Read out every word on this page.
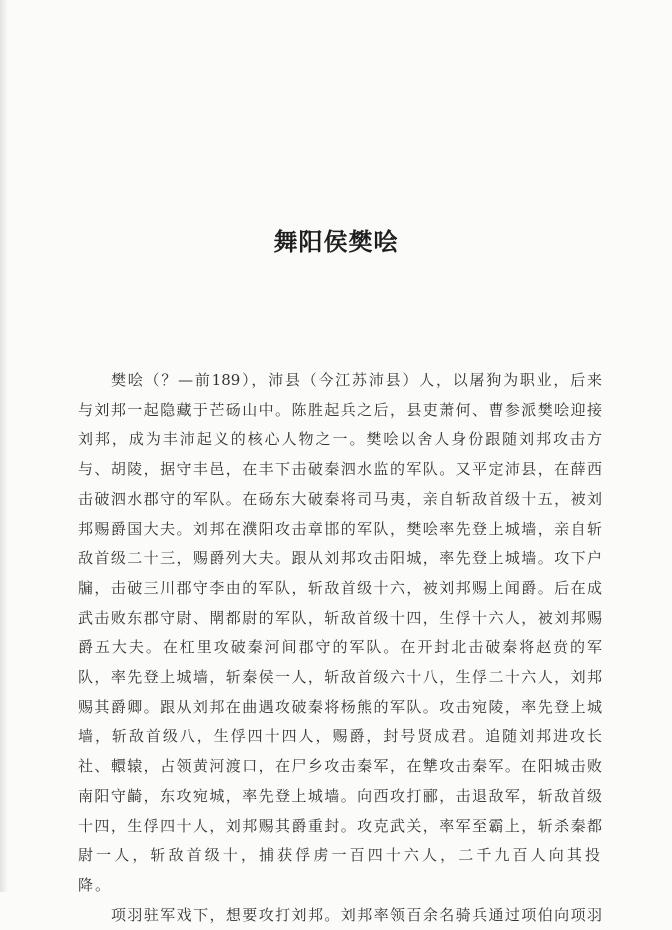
舞阳侯樊哙
樊哙（？—前189），沛县（今江苏沛县）人，以屠狗为职业，后来
与刘邦一起隐藏于芒砀山中。陈胜起兵之后，县吏萧何、曹参派樊哙迎接
刘邦，成为丰沛起义的核心人物之一。樊哙以舍人身份跟随刘邦攻击方
与、胡陵，据守丰邑，在丰下击破秦泗水监的军队。又平定沛县，在薛西
击破泗水郡守的军队。在砀东大破秦将司马夷，亲自斩敌首级十五，被刘
邦赐爵国大夫。刘邦在濮阳攻击章邯的军队，樊哙率先登上城墙，亲自斩
敌首级二十三，赐爵列大夫。跟从刘邦攻击阳城，率先登上城墙。攻下户
牖，击破三川郡守李由的军队，斩敌首级十六，被刘邦赐上闻爵。后在成
武击败东郡守尉、閛都尉的军队，斩敌首级十四，生俘十六人，被刘邦赐
爵五大夫。在杠里攻破秦河间郡守的军队。在开封北击破秦将赵贲的军
队，率先登上城墙，斩秦侯一人，斩敌首级六十八，生俘二十六人，刘邦
赐其爵卿。跟从刘邦在曲遇攻破秦将杨熊的军队。攻击宛陵，率先登上城
墙，斩敌首级八，生俘四十四人，赐爵，封号贤成君。追随刘邦进攻长
社、轘辕，占领黄河渡口，在尸乡攻击秦军，在犨攻击秦军。在阳城击败
南阳守齮，东攻宛城，率先登上城墙。向西攻打郦，击退敌军，斩敌首级
十四，生俘四十人，刘邦赐其爵重封。攻克武关，率军至霸上，斩杀秦都
尉一人，斩敌首级十，捕获俘虏一百四十六人，二千九百人向其投降。
项羽驻军戏下，想要攻打刘邦。刘邦率领百余名骑兵通过项伯向项羽
